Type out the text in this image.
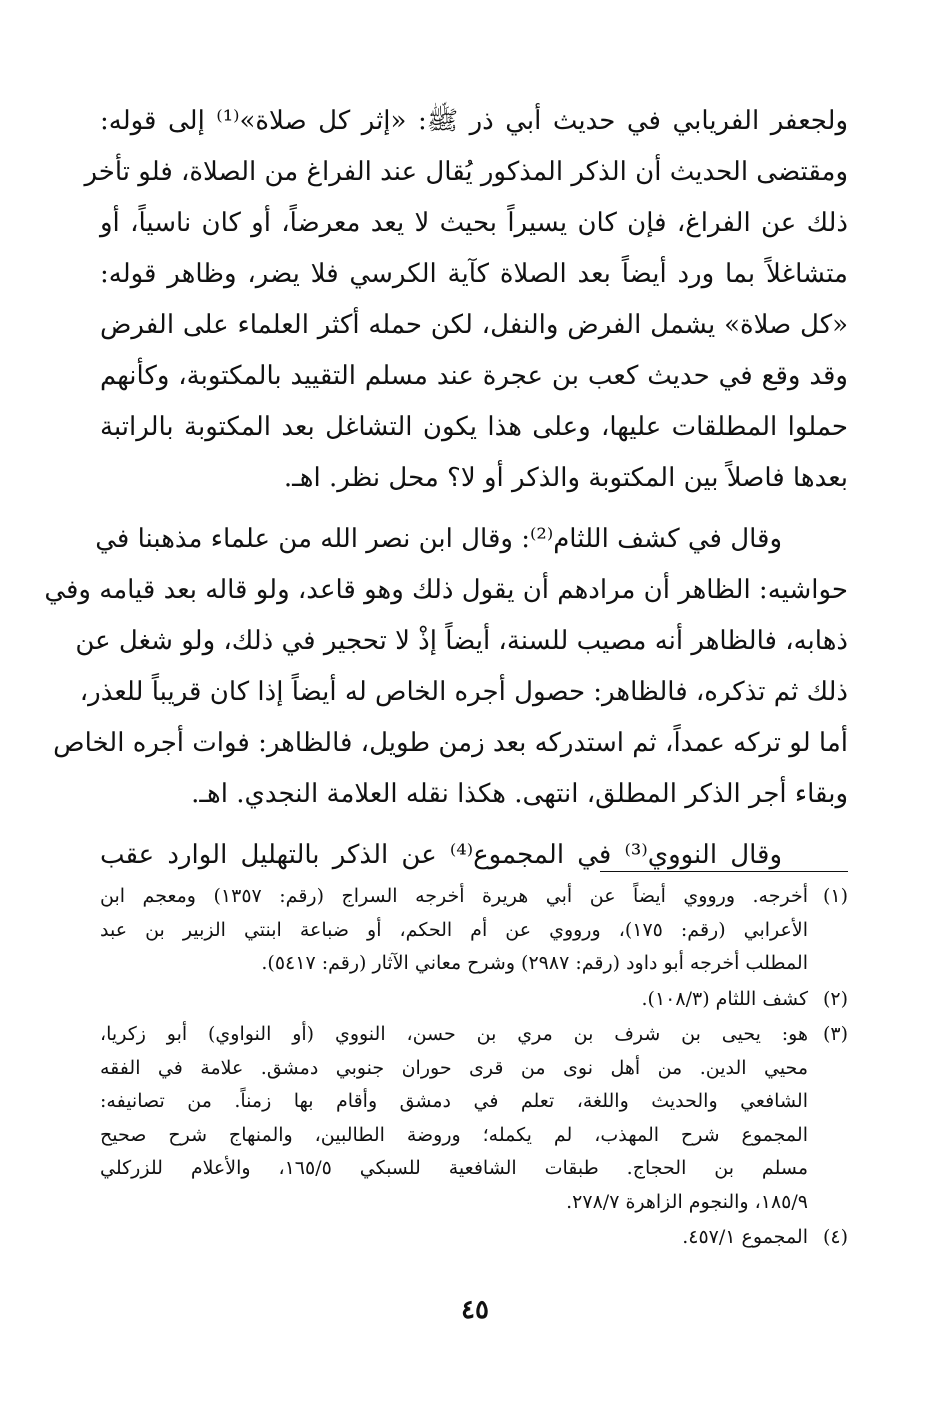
ولجعفر الفريابي في حديث أبي ذر ﷺ: «إثر كل صلاة»⁽¹⁾ إلى قوله:
ومقتضى الحديث أن الذكر المذكور يُقال عند الفراغ من الصلاة، فلو تأخر
ذلك عن الفراغ، فإن كان يسيراً بحيث لا يعد معرضاً، أو كان ناسياً، أو
متشاغلاً بما ورد أيضاً بعد الصلاة كآية الكرسي فلا يضر، وظاهر قوله:
«كل صلاة» يشمل الفرض والنفل، لكن حمله أكثر العلماء على الفرض
وقد وقع في حديث كعب بن عجرة عند مسلم التقييد بالمكتوبة، وكأنهم
حملوا المطلقات عليها، وعلى هذا يكون التشاغل بعد المكتوبة بالراتبة
بعدها فاصلاً بين المكتوبة والذكر أو لا؟ محل نظر. اهـ.
وقال في كشف اللثام⁽²⁾: وقال ابن نصر الله من علماء مذهبنا في
حواشيه: الظاهر أن مرادهم أن يقول ذلك وهو قاعد، ولو قاله بعد قيامه وفي
ذهابه، فالظاهر أنه مصيب للسنة، أيضاً إذْ لا تحجير في ذلك، ولو شغل عن
ذلك ثم تذكره، فالظاهر: حصول أجره الخاص له أيضاً إذا كان قريباً للعذر،
أما لو تركه عمداً، ثم استدركه بعد زمن طويل، فالظاهر: فوات أجره الخاص
وبقاء أجر الذكر المطلق، انتهى. هكذا نقله العلامة النجدي. اهـ.
وقال النووي⁽³⁾ في المجموع⁽⁴⁾ عن الذكر بالتهليل الوارد عقب
(١)
أخرجه. ورووي أيضاً عن أبي هريرة أخرجه السراج (رقم: ١٣٥٧) ومعجم ابن
الأعرابي (رقم: ١٧٥)، ورووي عن أم الحكم، أو ضباعة ابنتي الزبير بن عبد
المطلب أخرجه أبو داود (رقم: ٢٩٨٧) وشرح معاني الآثار (رقم: ٥٤١٧).
(٢)
كشف اللثام (١٠٨/٣).
(٣)
هو: يحيى بن شرف بن مري بن حسن، النووي (أو النواوي) أبو زكريا،
محيي الدين. من أهل نوى من قرى حوران جنوبي دمشق. علامة في الفقه
الشافعي والحديث واللغة، تعلم في دمشق وأقام بها زمناً. من تصانيفه:
المجموع شرح المهذب، لم يكمله؛ وروضة الطالبين، والمنهاج شرح صحيح
مسلم بن الحجاج. طبقات الشافعية للسبكي ١٦٥/٥، والأعلام للزركلي
١٨٥/٩، والنجوم الزاهرة ٢٧٨/٧.
(٤)
المجموع ٤٥٧/١.
٤٥
